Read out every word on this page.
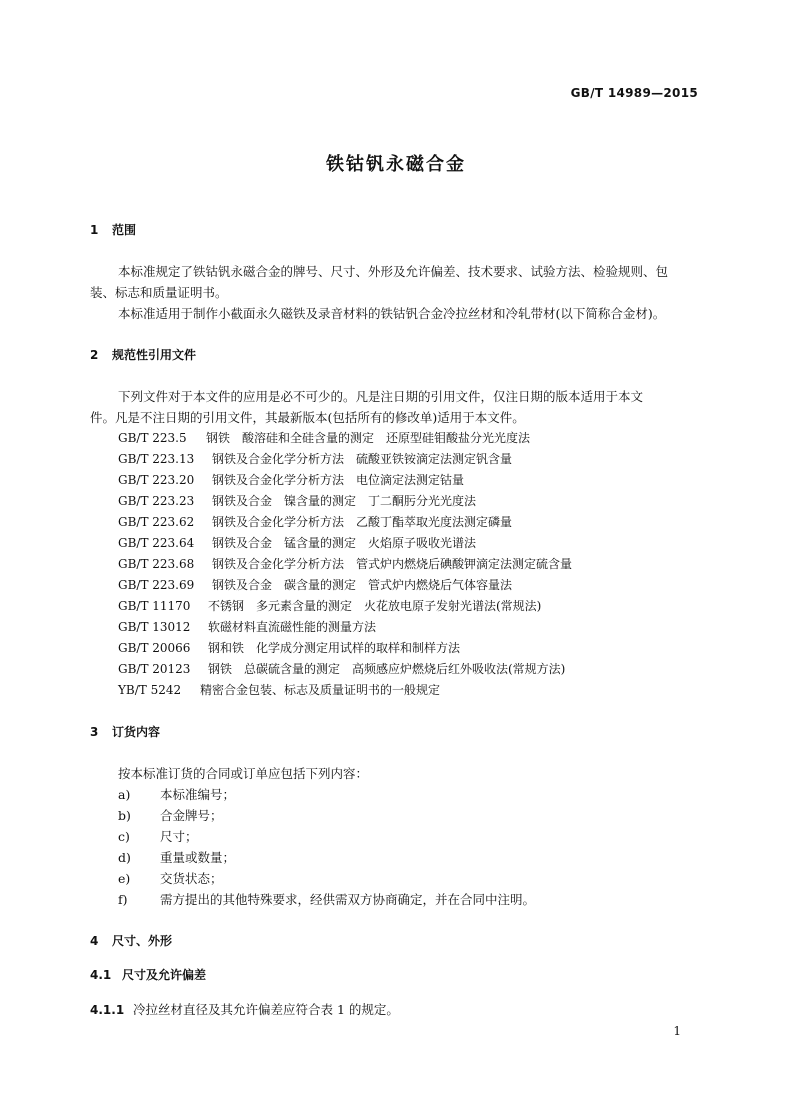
GB/T 14989—2015
铁钴钒永磁合金
1 范围
本标准规定了铁钴钒永磁合金的牌号、尺寸、外形及允许偏差、技术要求、试验方法、检验规则、包
装、标志和质量证明书。
本标准适用于制作小截面永久磁铁及录音材料的铁钴钒合金冷拉丝材和冷轧带材(以下简称合金材)。
2 规范性引用文件
下列文件对于本文件的应用是必不可少的。凡是注日期的引用文件，仅注日期的版本适用于本文
件。凡是不注日期的引用文件，其最新版本(包括所有的修改单)适用于本文件。
GB/T 223.5 钢铁　酸溶硅和全硅含量的测定　还原型硅钼酸盐分光光度法
GB/T 223.13 钢铁及合金化学分析方法　硫酸亚铁铵滴定法测定钒含量
GB/T 223.20 钢铁及合金化学分析方法　电位滴定法测定钴量
GB/T 223.23 钢铁及合金　镍含量的测定　丁二酮肟分光光度法
GB/T 223.62 钢铁及合金化学分析方法　乙酸丁酯萃取光度法测定磷量
GB/T 223.64 钢铁及合金　锰含量的测定　火焰原子吸收光谱法
GB/T 223.68 钢铁及合金化学分析方法　管式炉内燃烧后碘酸钾滴定法测定硫含量
GB/T 223.69 钢铁及合金　碳含量的测定　管式炉内燃烧后气体容量法
GB/T 11170 不锈钢　多元素含量的测定　火花放电原子发射光谱法(常规法)
GB/T 13012 软磁材料直流磁性能的测量方法
GB/T 20066 钢和铁　化学成分测定用试样的取样和制样方法
GB/T 20123 钢铁　总碳硫含量的测定　高频感应炉燃烧后红外吸收法(常规方法)
YB/T 5242 精密合金包装、标志及质量证明书的一般规定
3 订货内容
按本标准订货的合同或订单应包括下列内容：
a) 本标准编号；
b) 合金牌号；
c) 尺寸；
d) 重量或数量；
e) 交货状态；
f)	需方提出的其他特殊要求，经供需双方协商确定，并在合同中注明。
4 尺寸、外形
4.1 尺寸及允许偏差
4.1.1 冷拉丝材直径及其允许偏差应符合表 1 的规定。
1
